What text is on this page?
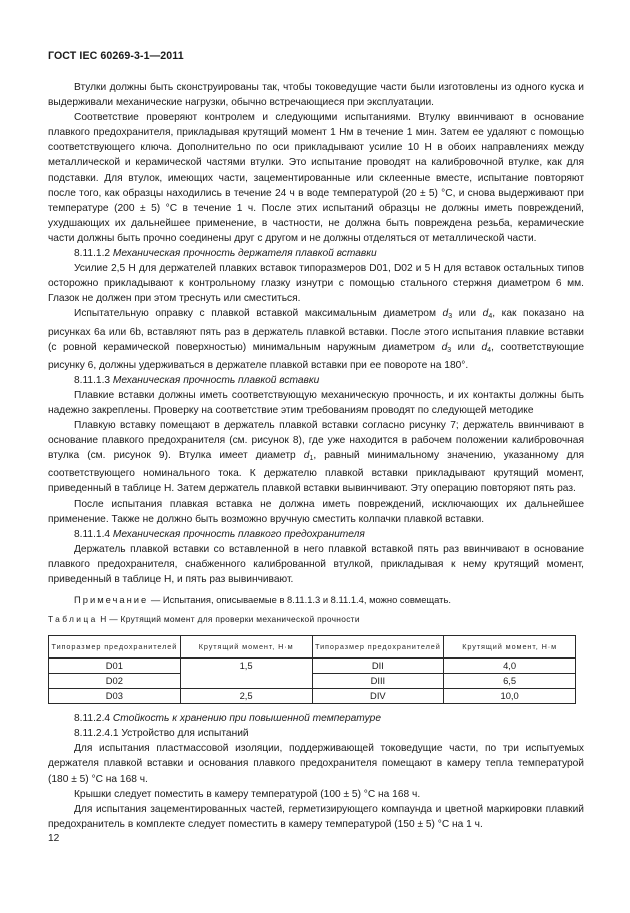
ГОСТ IEC 60269-3-1—2011

Втулки должны быть сконструированы так, чтобы токоведущие части были изготовлены из одного куска и выдерживали механические нагрузки, обычно встречающиеся при эксплуатации.

Соответствие проверяют контролем и следующими испытаниями. Втулку ввинчивают в основание плавкого предохранителя, прикладывая крутящий момент 1 Нм в течение 1 мин. Затем ее удаляют с помощью соответствующего ключа. Дополнительно по оси прикладывают усилие 10 Н в обоих направлениях между металлической и керамической частями втулки. Это испытание проводят на калибровочной втулке, как для подставки. Для втулок, имеющих части, зацементированные или склеенные вместе, испытание повторяют после того, как образцы находились в течение 24 ч в воде температурой (20 ± 5) °C, и снова выдерживают при температуре (200 ± 5) °C в течение 1 ч. После этих испытаний образцы не должны иметь повреждений, ухудшающих их дальнейшее применение, в частности, не должна быть повреждена резьба, керамические части должны быть прочно соединены друг с другом и не должны отделяться от металлической части.

8.11.1.2 Механическая прочность держателя плавкой вставки

Усилие 2,5 Н для держателей плавких вставок типоразмеров D01, D02 и 5 Н для вставок остальных типов осторожно прикладывают к контрольному глазку изнутри с помощью стального стержня диаметром 6 мм. Глазок не должен при этом треснуть или сместиться.

Испытательную оправку с плавкой вставкой максимальным диаметром $d_3$ или $d_4$, как показано на рисунках 6a или 6b, вставляют пять раз в держатель плавкой вставки. После этого испытания плавкие вставки (с ровной керамической поверхностью) минимальным наружным диаметром $d_3$ или $d_4$, соответствующие рисунку 6, должны удерживаться в держателе плавкой вставки при ее повороте на 180°.

8.11.1.3 Механическая прочность плавкой вставки

Плавкие вставки должны иметь соответствующую механическую прочность, и их контакты должны быть надежно закреплены. Проверку на соответствие этим требованиям проводят по следующей методике

Плавкую вставку помещают в держатель плавкой вставки согласно рисунку 7; держатель ввинчивают в основание плавкого предохранителя (см. рисунок 8), где уже находится в рабочем положении калибровочная втулка (см. рисунок 9). Втулка имеет диаметр $d_1$, равный минимальному значению, указанному для соответствующего номинального тока. К держателю плавкой вставки прикладывают крутящий момент, приведенный в таблице Н. Затем держатель плавкой вставки вывинчивают. Эту операцию повторяют пять раз.

После испытания плавкая вставка не должна иметь повреждений, исключающих их дальнейшее применение. Также не должно быть возможно вручную сместить колпачки плавкой вставки.

8.11.1.4 Механическая прочность плавкого предохранителя

Держатель плавкой вставки со вставленной в него плавкой вставкой пять раз ввинчивают в основание плавкого предохранителя, снабженного калиброванной втулкой, прикладывая к нему крутящий момент, приведенный в таблице Н, и пять раз вывинчивают.

Примечание — Испытания, описываемые в 8.11.1.3 и 8.11.1.4, можно совмещать.

Таблица Н — Крутящий момент для проверки механической прочности

Типоразмер предохранителей	Крутящий момент, Н·м	Типоразмер предохранителей	Крутящий момент, Н·м
D01	1,5	DII	4,0
D02		DIII	6,5
D03	2,5	DIV	10,0

8.11.2.4 Стойкость к хранению при повышенной температуре

8.11.2.4.1 Устройство для испытаний

Для испытания пластмассовой изоляции, поддерживающей токоведущие части, по три испытуемых держателя плавкой вставки и основания плавкого предохранителя помещают в камеру тепла температурой (180 ± 5) °C на 168 ч.

Крышки следует поместить в камеру температурой (100 ± 5) °C на 168 ч.

Для испытания зацементированных частей, герметизирующего компаунда и цветной маркировки плавкий предохранитель в комплекте следует поместить в камеру температурой (150 ± 5) °C на 1 ч.

12
